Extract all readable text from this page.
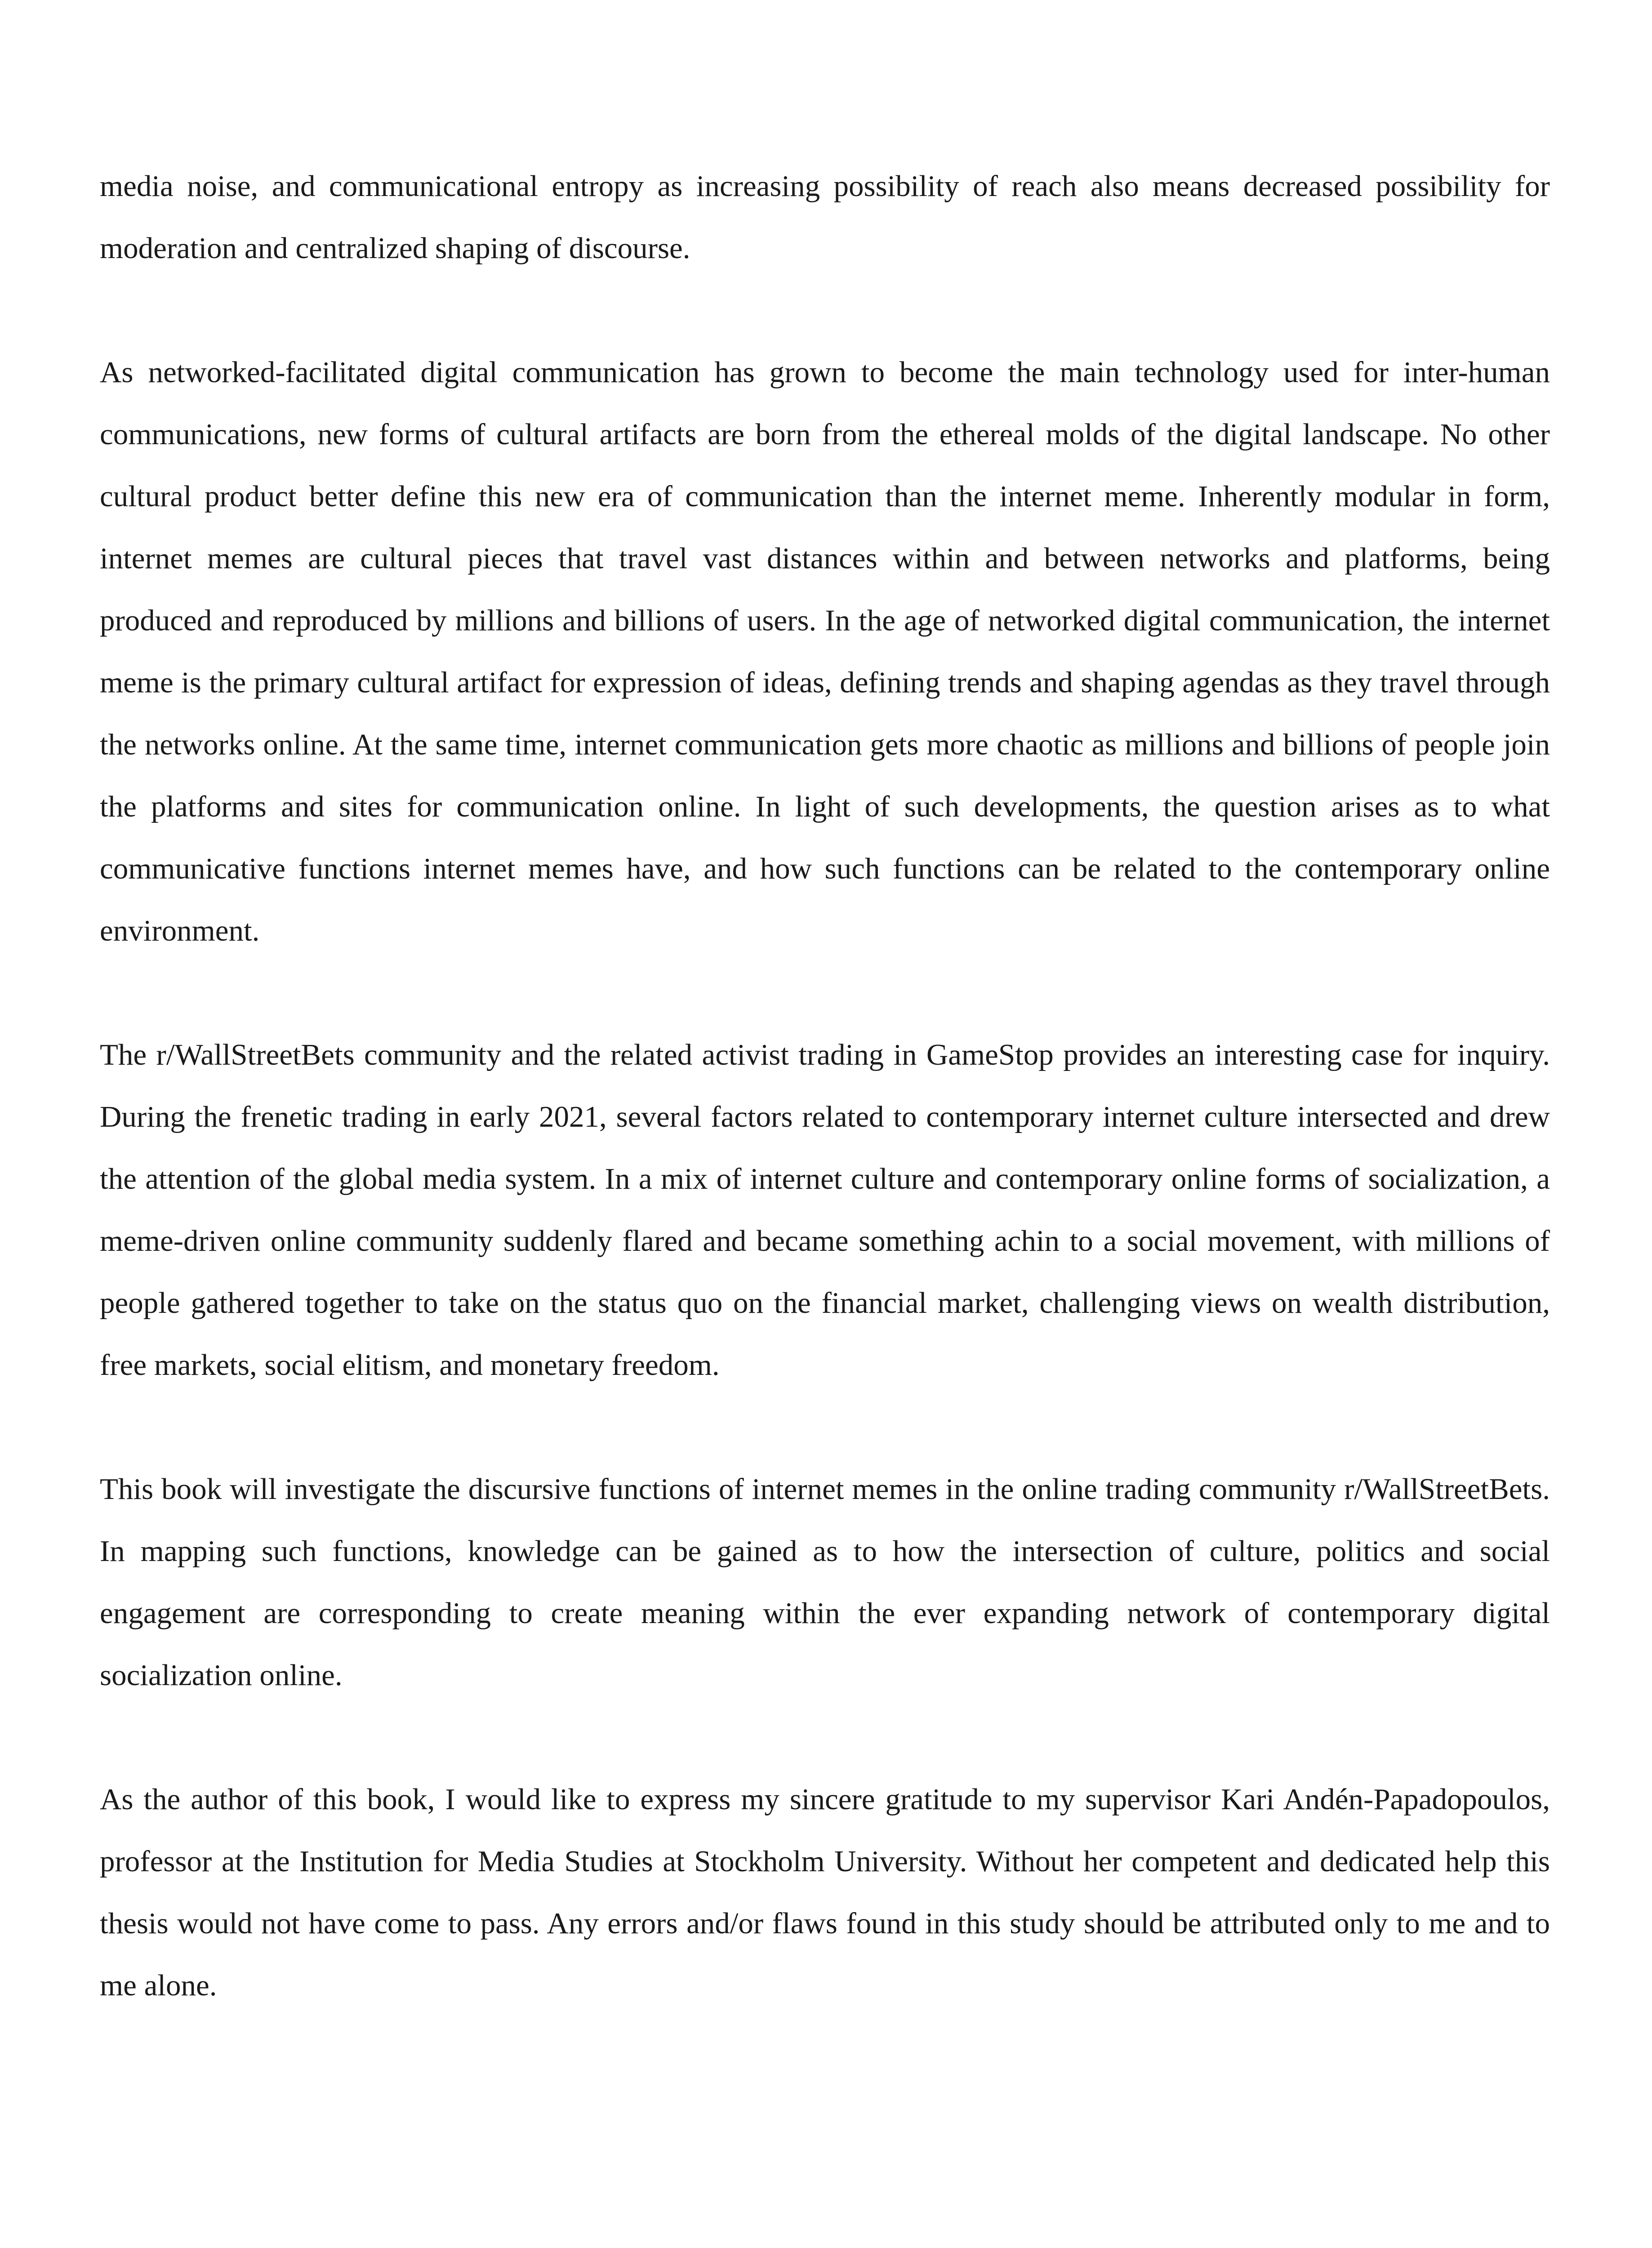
media noise, and communicational entropy as increasing possibility of reach also means decreased possibility for moderation and centralized shaping of discourse.

As networked-facilitated digital communication has grown to become the main technology used for inter-human communications, new forms of cultural artifacts are born from the ethereal molds of the digital landscape. No other cultural product better define this new era of communication than the internet meme. Inherently modular in form, internet memes are cultural pieces that travel vast distances within and between networks and platforms, being produced and reproduced by millions and billions of users. In the age of networked digital communication, the internet meme is the primary cultural artifact for expression of ideas, defining trends and shaping agendas as they travel through the networks online. At the same time, internet communication gets more chaotic as millions and billions of people join the platforms and sites for communication online. In light of such developments, the question arises as to what communicative functions internet memes have, and how such functions can be related to the contemporary online environment.

The r/WallStreetBets community and the related activist trading in GameStop provides an interesting case for inquiry. During the frenetic trading in early 2021, several factors related to contemporary internet culture intersected and drew the attention of the global media system. In a mix of internet culture and contemporary online forms of socialization, a meme-driven online community suddenly flared and became something achin to a social movement, with millions of people gathered together to take on the status quo on the financial market, challenging views on wealth distribution, free markets, social elitism, and monetary freedom.

This book will investigate the discursive functions of internet memes in the online trading community r/WallStreetBets. In mapping such functions, knowledge can be gained as to how the intersection of culture, politics and social engagement are corresponding to create meaning within the ever expanding network of contemporary digital socialization online.

As the author of this book, I would like to express my sincere gratitude to my supervisor Kari Andén-Papadopoulos, professor at the Institution for Media Studies at Stockholm University. Without her competent and dedicated help this thesis would not have come to pass. Any errors and/or flaws found in this study should be attributed only to me and to me alone.
